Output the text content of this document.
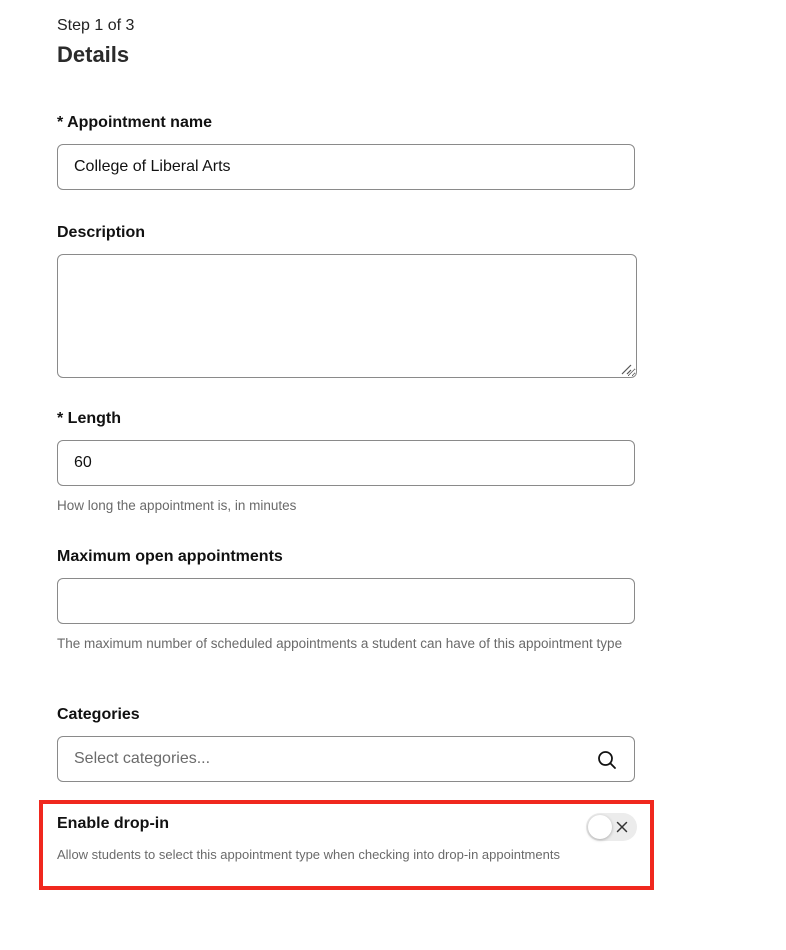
Step 1 of 3
Details
* Appointment name
College of Liberal Arts
Description
* Length
60
How long the appointment is, in minutes
Maximum open appointments
The maximum number of scheduled appointments a student can have of this appointment type
Categories
Select categories...
Enable drop-in
Allow students to select this appointment type when checking into drop-in appointments
